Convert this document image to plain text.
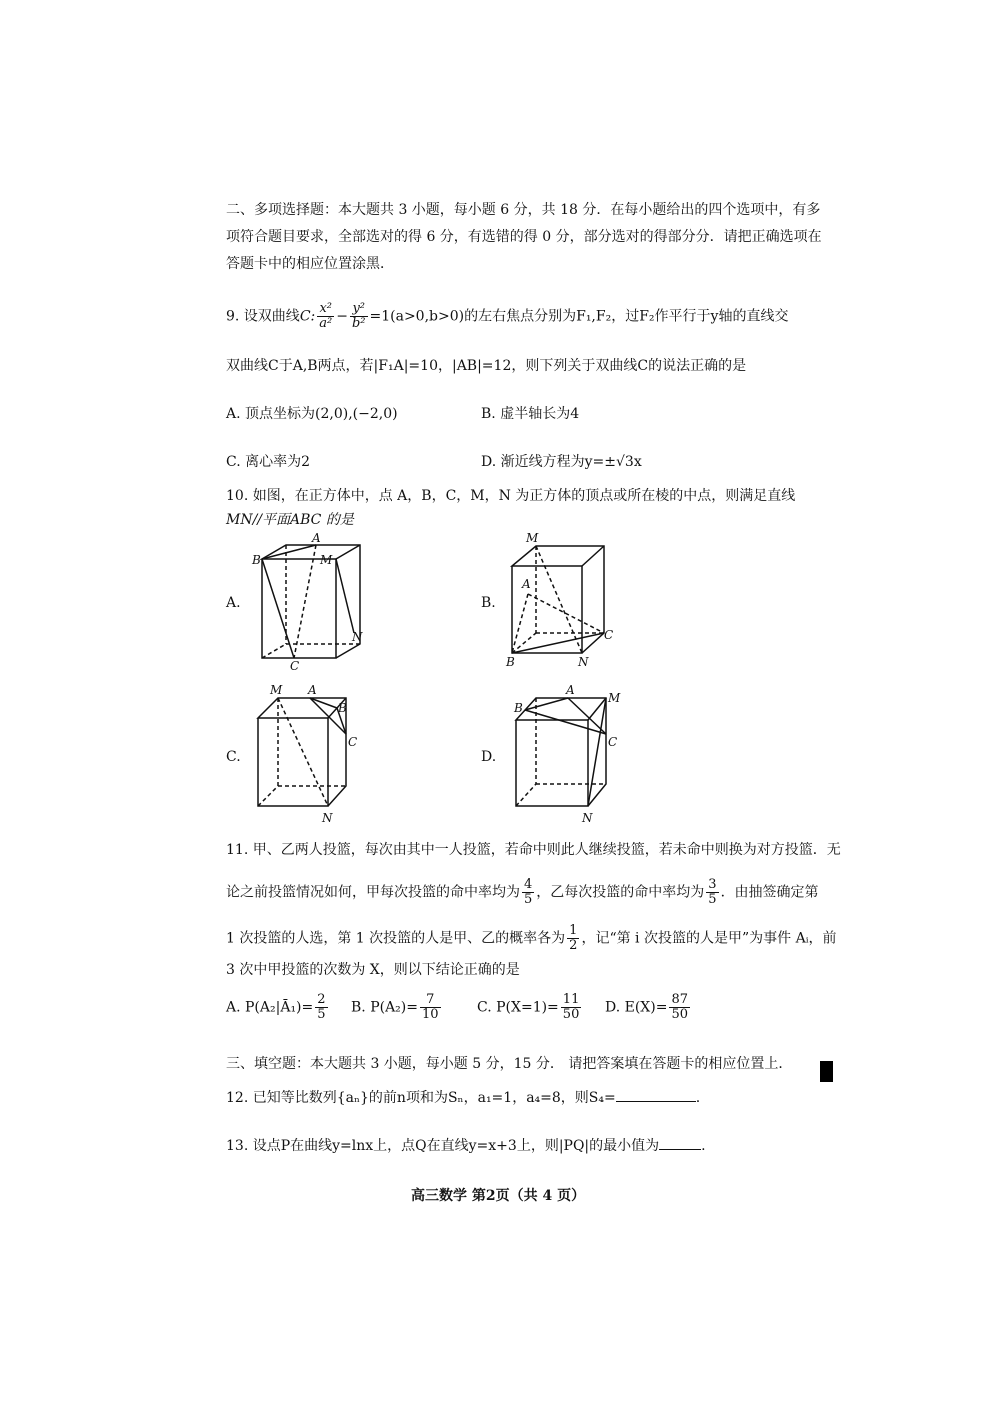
二、多项选择题：本大题共 3 小题，每小题 6 分，共 18 分．在每小题给出的四个选项中，有多
项符合题目要求，全部选对的得 6 分，有选错的得 0 分，部分选对的得部分分．请把正确选项在
答题卡中的相应位置涂黑．
9. 设双曲线C: $\frac{\text{x²}}{\text{a²}} - \frac{\text{y²}}{\text{b²}} =1(a>0,b>0)$的左右焦点分别为F₁,F₂，过F₂作平行于y轴的直线交
双曲线C于A,B两点，若|F₁A|=10，|AB|=12，则下列关于双曲线C的说法正确的是
A. 顶点坐标为(2,0),(−2,0)	B. 虚半轴长为4
C. 离心率为2	D. 渐近线方程为y=±√3x
10. 如图，在正方体中，点 A，B，C，M，N 为正方体的顶点或所在棱的中点，则满足直线
MN//平面ABC 的是
A.	B.
C.	D.
A
B	M
N
C
M
A
C
B	N
M A
B
C
N
B
A
M
C
N
11. 甲、乙两人投篮，每次由其中一人投篮，若命中则此人继续投篮，若未命中则换为对方投篮．无
论之前投篮情况如何，甲每次投篮的命中率均为 $\frac{4}{5}$ ，乙每次投篮的命中率均为 $\frac{3}{5}$ ．由抽签确定第
1 次投篮的人选，第 1 次投篮的人是甲、乙的概率各为 $\frac{1}{2}$ ，记“第 i 次投篮的人是甲”为事件 Aᵢ，前
3 次中甲投篮的次数为 X，则以下结论正确的是
A. P(A₂|Ā₁)= $\frac{2}{5} B$. $P(A_2)= \frac{7}{10}$	C. $P(X=1)= \frac{11}{50} D$. $E(X)= \frac{87}{50}$
三、填空题：本大题共 3 小题，每小题 5 分，15 分． 请把答案填在答题卡的相应位置上．
12. 已知等比数列{aₙ}的前n项和为Sₙ，a₁=1，a₄=8，则S₄=	.
13. 设点P在曲线y=lnx上，点Q在直线y=x+3上，则|PQ|的最小值为	.
高三数学 第2页（共 4 页）
